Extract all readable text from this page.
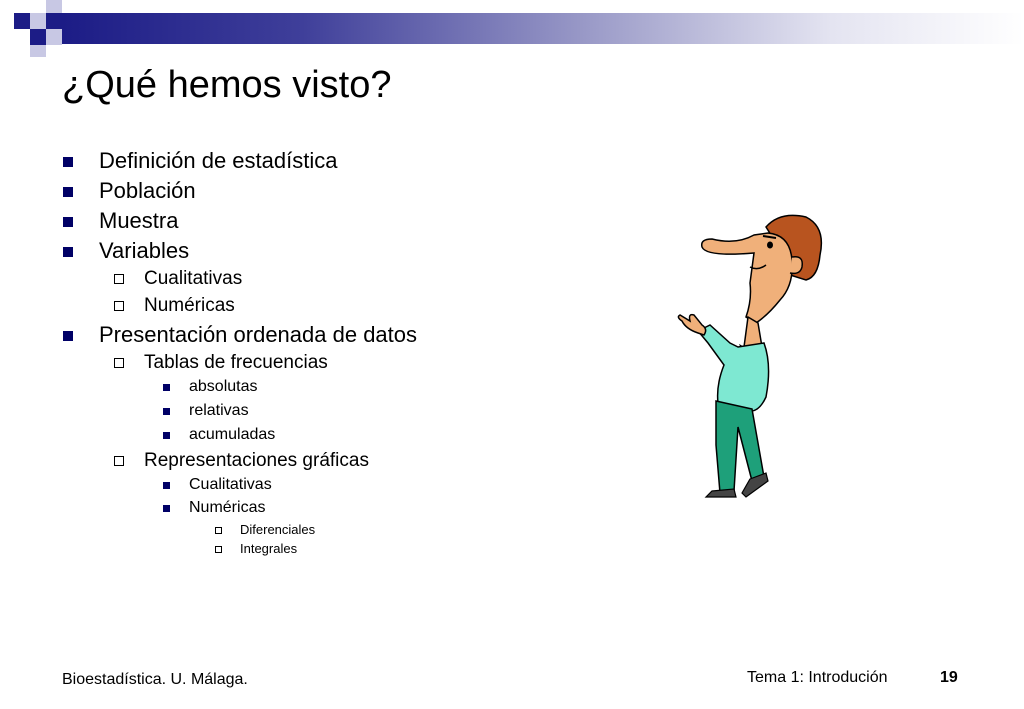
¿Qué hemos visto?
Definición de estadística
Población
Muestra
Variables
Cualitativas
Numéricas
Presentación ordenada de datos
Tablas de frecuencias
absolutas
relativas
acumuladas
Representaciones gráficas
Cualitativas
Numéricas
Diferenciales
Integrales
Bioestadística. U. Málaga.	Tema 1: Introdución	19
